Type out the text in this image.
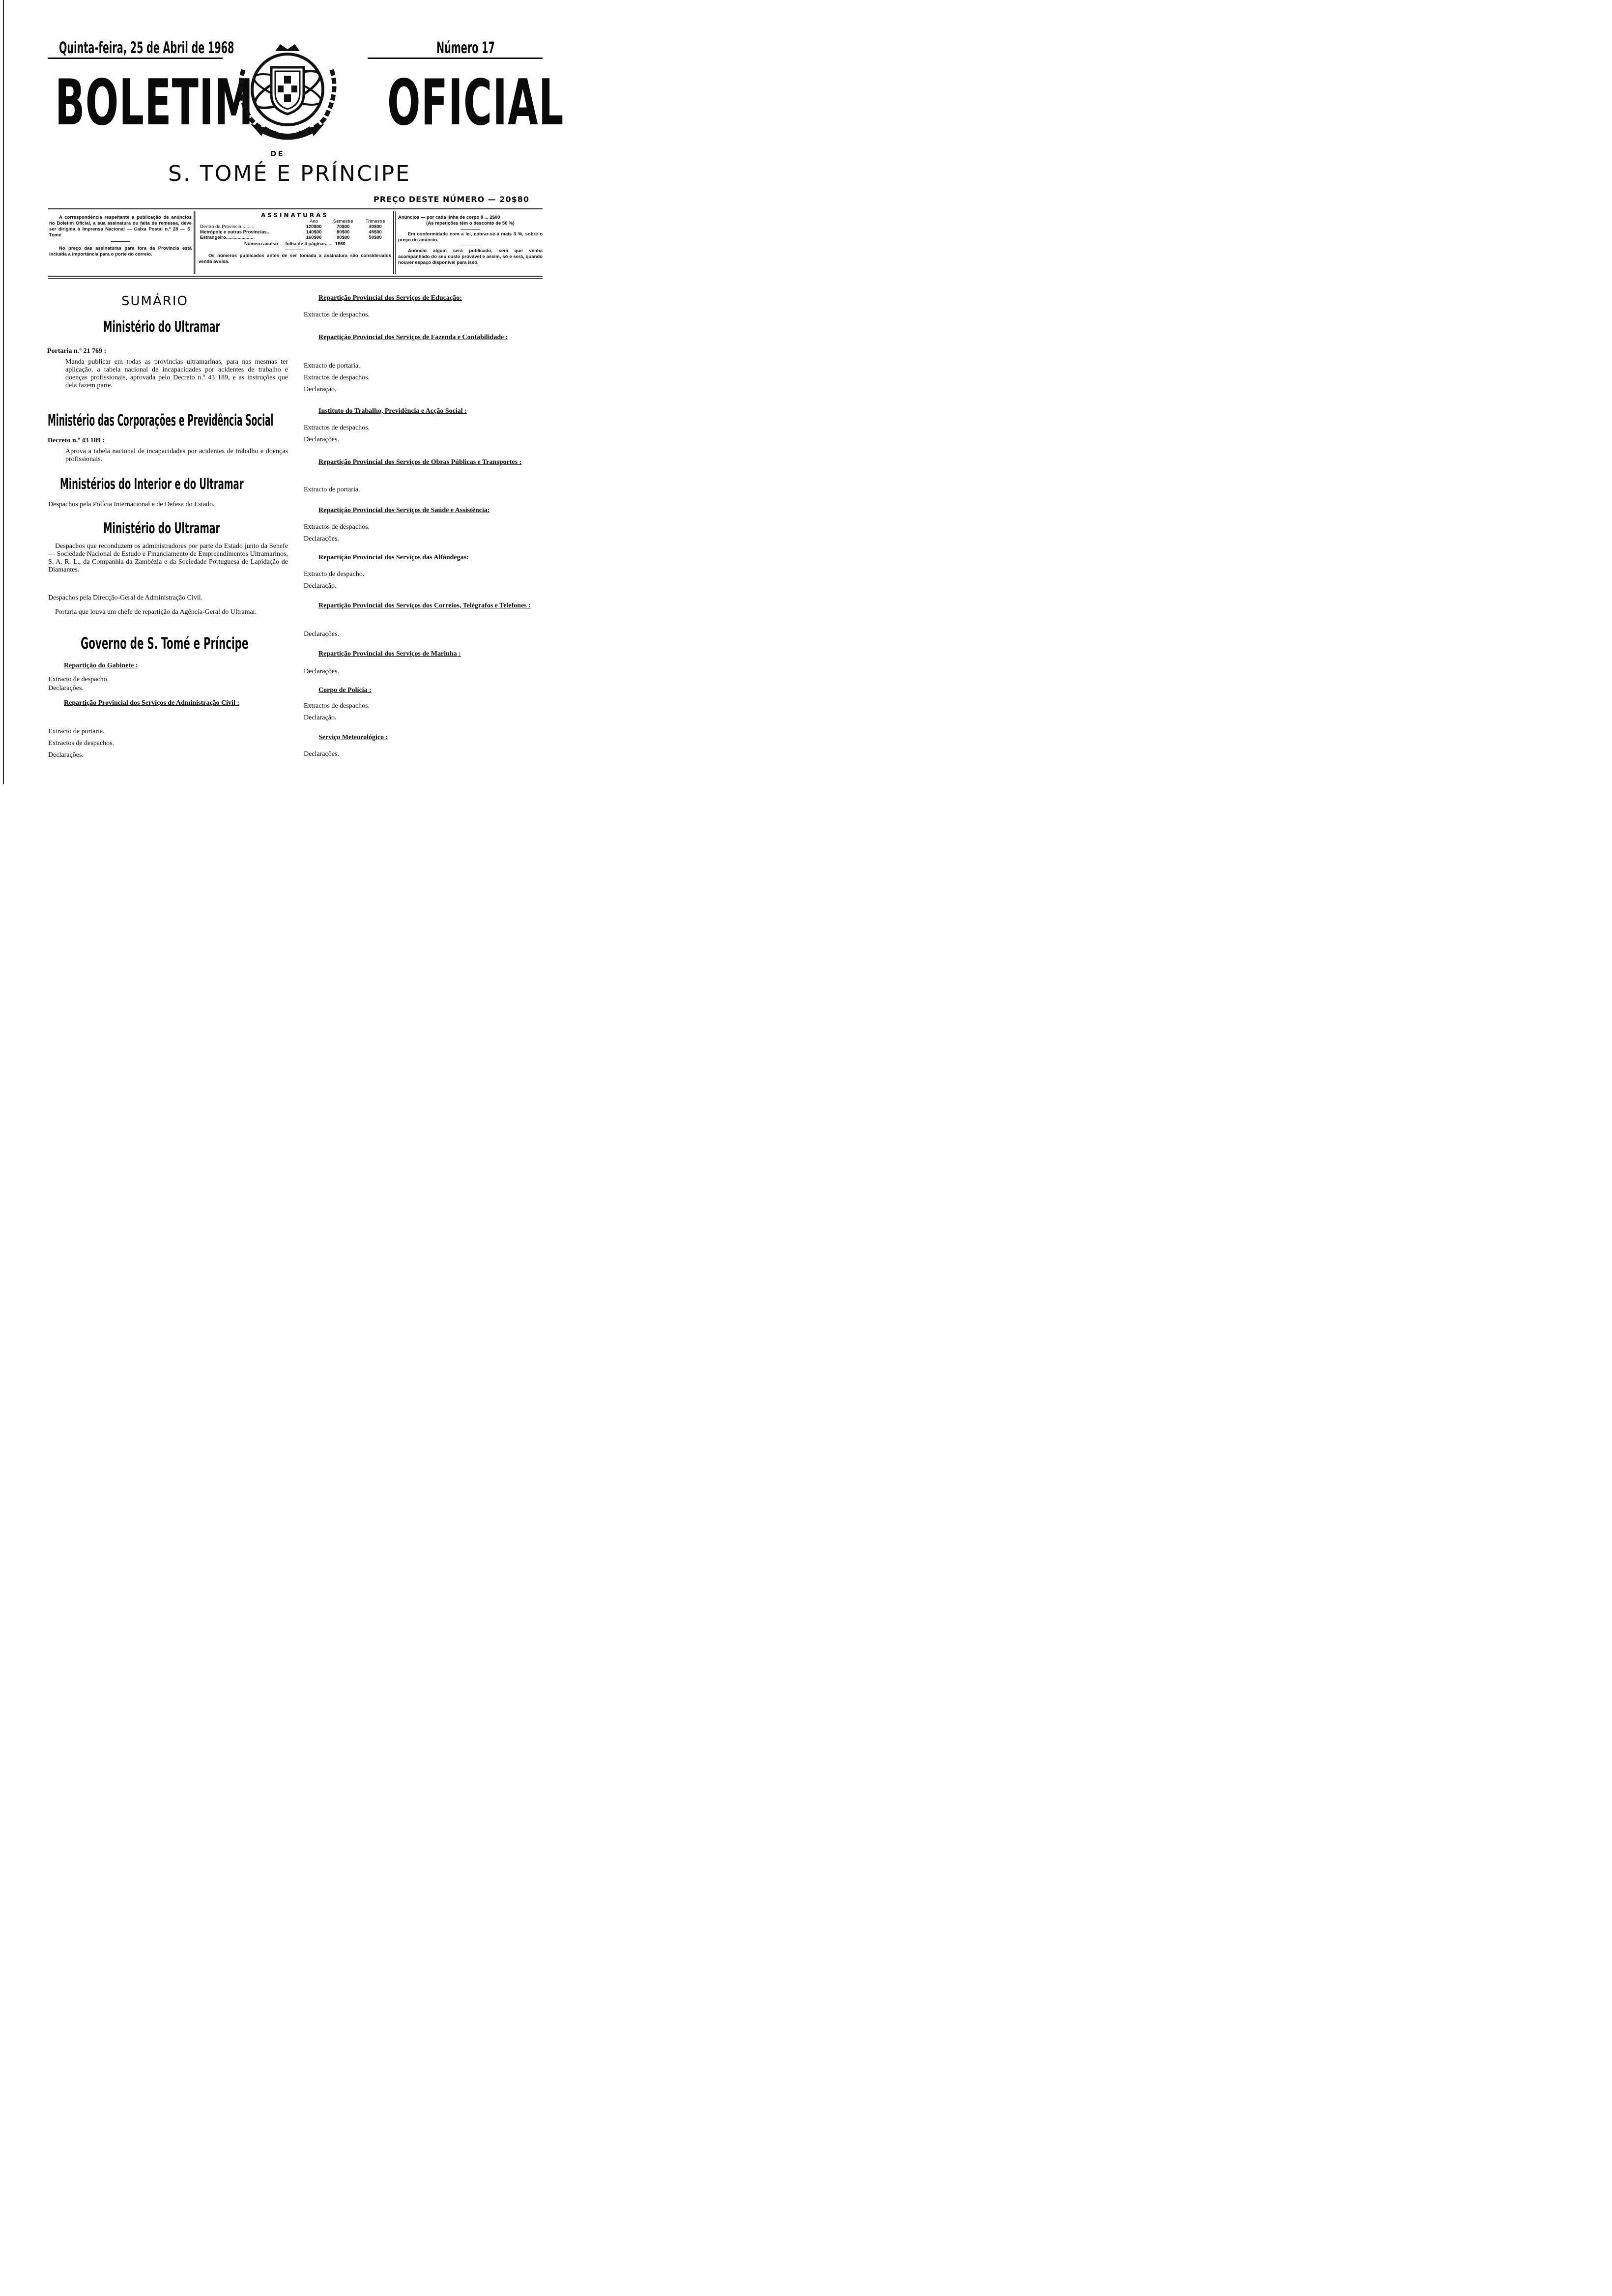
Quinta-feira, 25 de Abril de 1968	Número 17
BOLETIM OFICIAL
DE
S. TOMÉ E PRÍNCIPE
PREÇO DESTE NÚMERO — 20$80
A correspondência respeitante a publicação de anúncios no Boletim Oficial, a sua assinatura ou falta de remessa, deve ser dirigida à Imprensa Nacional — Caixa Postal n.º 28 — S. Tomé
No preço das assinaturas para fora da Província está incluída a importância para o porte do correio.
ASSINATURAS
	Ano	Semestre	Trimestre
Dentro da Província..........	120$00	70$00	40$00
Metrópole e outras Províncias..	140$00	80$00	45$00
Estrangeiro.....................	160$00	90$00	50$00
Número avulso — folha de 4 páginas...... 1$60
Os números publicados antes de ser tomada a assinatura são considerados venda avulsa.
Anúncios — por cada linha de corpo 8 ... 2$00
(As repetições têm o desconto de 50 %)
Em conformidade com a lei, cobrar-se-á mais 3 %, sobre o preço do anúncio.
Anúncio algum será publicado, sem que venha acompanhado do seu custo provável e assim, só e será, quando houver espaço disponível para isso.
SUMÁRIO
Ministério do Ultramar
Portaria n.º 21 769 :
Manda publicar em todas as províncias ultramarinas, para nas mesmas ter aplicação, a tabela nacional de incapacidades por acidentes de trabalho e doenças profissionais, aprovada pelo Decreto n.º 43 189, e as instruções que dela fazem parte.
Ministério das Corporações e Previdência Social
Decreto n.º 43 189 :
Aprova a tabela nacional de incapacidades por acidentes de trabalho e doenças profissionais.
Ministérios do Interior e do Ultramar
Despachos pela Polícia Internacional e de Defesa do Estado.
Ministério do Ultramar
Despachos que reconduzem os administradores por parte do Estado junto da Senefe — Sociedade Nacional de Estudo e Financiamento de Empreendimentos Ultramarinos, S. A. R. L., da Companhia da Zambézia e da Sociedade Portuguesa de Lapidação de Diamantes.
Despachos pela Direcção-Geral de Administração Civil.
Portaria que louva um chefe de repartição da Agência-Geral do Ultramar.
Governo de S. Tomé e Príncipe
Repartição do Gabinete :
Extracto de despacho.
Declarações.
Repartição Provincial dos Serviços de Administração Civil :
Extracto de portaria.
Extractos de despachos.
Declarações.
Repartição Provincial dos Serviços de Educação:
Extractos de despachos.
Repartição Provincial dos Serviços de Fazenda e Contabilidade :
Extracto de portaria.
Extractos de despachos.
Declaração.
Instituto do Trabalho, Previdência e Acção Social :
Extractos de despachos.
Declarações.
Repartição Provincial dos Serviços de Obras Públicas e Transportes :
Extracto de portaria.
Repartição Provincial dos Serviços de Saúde e Assistência:
Extractos de despachos.
Declarações.
Repartição Provincial dos Serviços das Alfândegas:
Extracto de despacho.
Declaração.
Repartição Provincial dos Serviços dos Correios, Telégrafos e Telefones :
Declarações.
Repartição Provincial dos Serviços de Marinha :
Declarações.
Corpo de Polícia :
Extractos de despachos.
Declaração.
Serviço Meteorológico :
Declarações.
